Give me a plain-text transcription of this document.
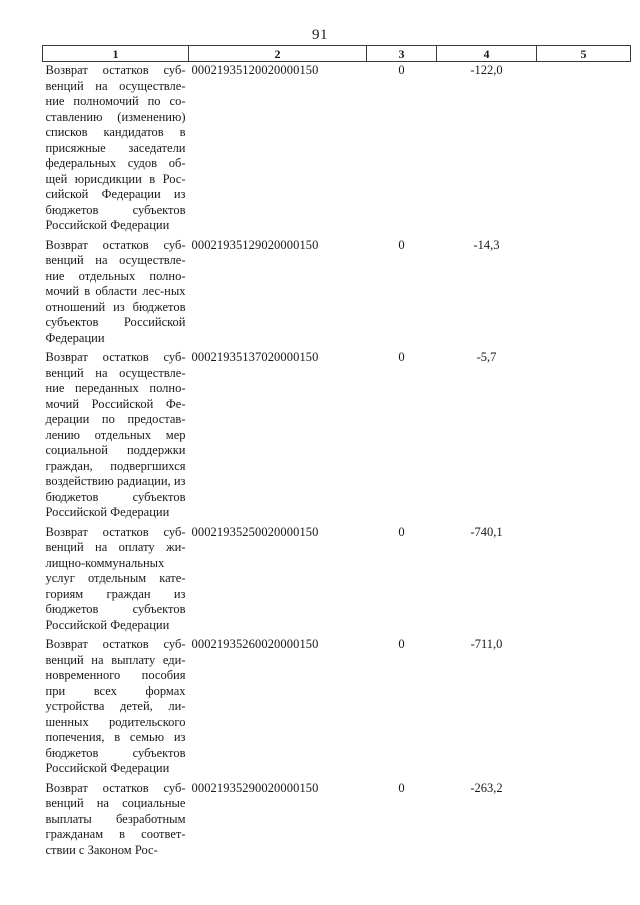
91
1	2	3	4	5

Возврат остатков суб-венций на осуществле-ние полномочий по со-ставлению (изменению) списков кандидатов в присяжные заседатели федеральных судов об-щей юрисдикции в Рос-сийской Федерации из бюджетов субъектов Российской Федерации	00021935120020000150	0	-122,0	

Возврат остатков суб-венций на осуществле-ние отдельных полно-мочий в области лес-ных отношений из бюджетов субъектов Российской Федерации	00021935129020000150	0	-14,3	

Возврат остатков суб-венций на осуществле-ние переданных полно-мочий Российской Фе-дерации по предостав-лению отдельных мер социальной поддержки граждан, подвергшихся воздействию радиации, из бюджетов субъектов Российской Федерации	00021935137020000150	0	-5,7	

Возврат остатков суб-венций на оплату жи-лищно-коммунальных услуг отдельным кате-гориям граждан из бюджетов субъектов Российской Федерации	00021935250020000150	0	-740,1	

Возврат остатков суб-венций на выплату еди-новременного пособия при всех формах устройства детей, ли-шенных родительского попечения, в семью из бюджетов субъектов Российской Федерации	00021935260020000150	0	-711,0	

Возврат остатков суб-венций на социальные выплаты безработным гражданам в соответ-ствии с Законом Рос-	00021935290020000150	0	-263,2	
